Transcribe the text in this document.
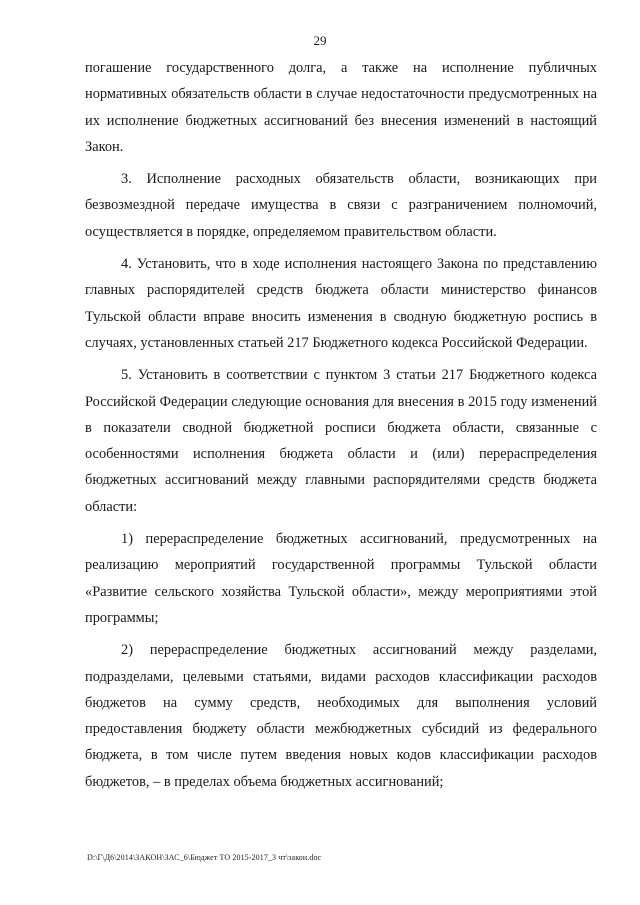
29

погашение государственного долга, а также на исполнение публичных нормативных обязательств области в случае недостаточности предусмотренных на их исполнение бюджетных ассигнований без внесения изменений в настоящий Закон.

3. Исполнение расходных обязательств области, возникающих при безвозмездной передаче имущества в связи с разграничением полномочий, осуществляется в порядке, определяемом правительством области.

4. Установить, что в ходе исполнения настоящего Закона по представлению главных распорядителей средств бюджета области министерство финансов Тульской области вправе вносить изменения в сводную бюджетную роспись в случаях, установленных статьей 217 Бюджетного кодекса Российской Федерации.

5. Установить в соответствии с пунктом 3 статьи 217 Бюджетного кодекса Российской Федерации следующие основания для внесения в 2015 году изменений в показатели сводной бюджетной росписи бюджета области, связанные с особенностями исполнения бюджета области и (или) перераспределения бюджетных ассигнований между главными распорядителями средств бюджета области:

1) перераспределение бюджетных ассигнований, предусмотренных на реализацию мероприятий государственной программы Тульской области «Развитие сельского хозяйства Тульской области», между мероприятиями этой программы;

2) перераспределение бюджетных ассигнований между разделами, подразделами, целевыми статьями, видами расходов классификации расходов бюджетов на сумму средств, необходимых для выполнения условий предоставления бюджету области межбюджетных субсидий из федерального бюджета, в том числе путем введения новых кодов классификации расходов бюджетов, – в пределах объема бюджетных ассигнований;

D:\Г\Д6\2014\ЗАКОН\ЗАС_6\Бюджет ТО 2015-2017_3 чт\закон.doc
